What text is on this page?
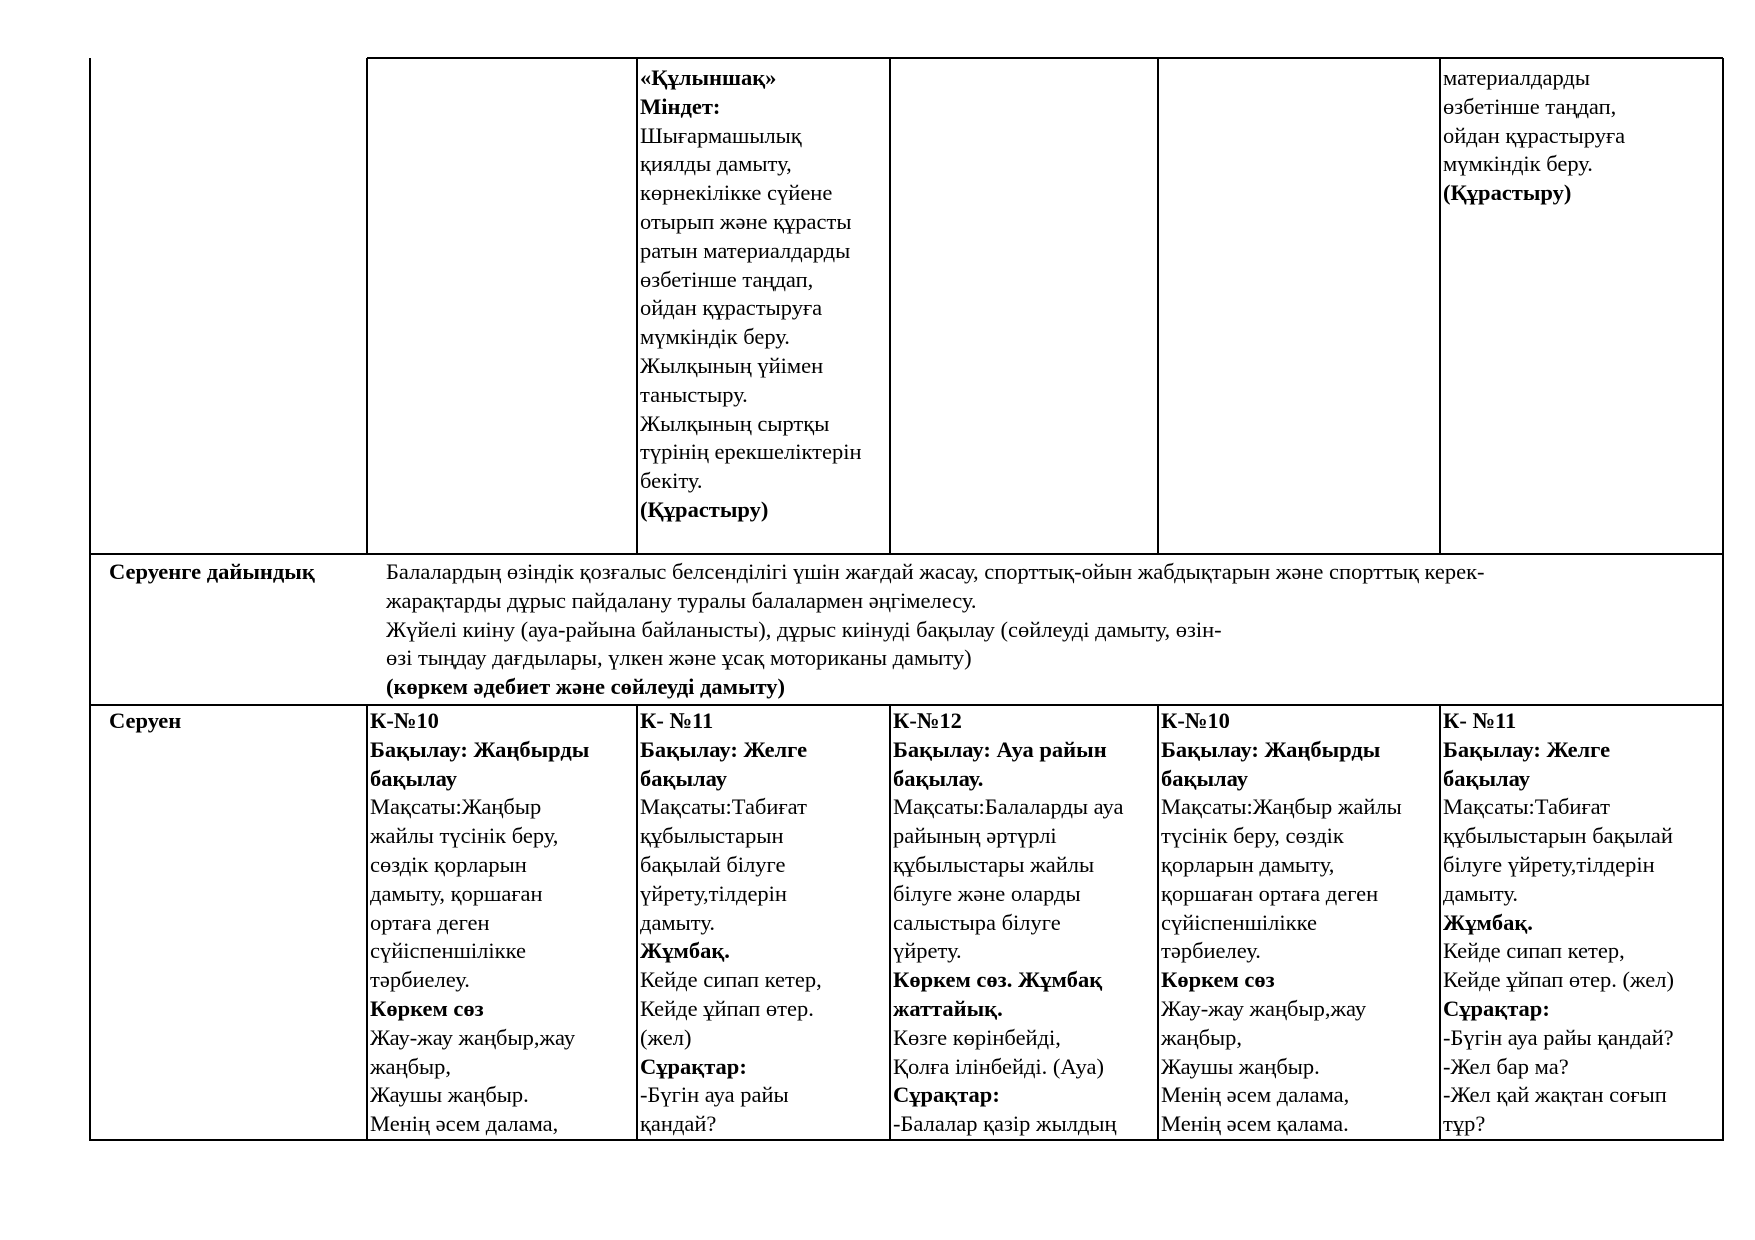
«Құлыншақ»
Міндет:
Шығармашылық
қиялды дамыту,
көрнекілікке сүйене
отырып және құрасты
ратын материалдарды
өзбетінше таңдап,
ойдан құрастыруға
мүмкіндік беру.
Жылқының үйімен
таныстыру.
Жылқының сыртқы
түрінің ерекшеліктерін
бекіту.
(Құрастыру)
материалдарды
өзбетінше таңдап,
ойдан құрастыруға
мүмкіндік беру.
(Құрастыру)
Серуенге дайындық	Балалардың өзіндік қозғалыс белсенділігі үшін жағдай жасау, спорттық-ойын жабдықтарын және спорттық керек-
жарақтарды дұрыс пайдалану туралы балалармен әңгімелесу.
Жүйелі киіну (ауа-райына байланысты), дұрыс киінуді бақылау (сөйлеуді дамыту, өзін-
өзі тыңдау дағдылары, үлкен және ұсақ моториканы дамыту)
(көркем әдебиет және сөйлеуді дамыту)
Серуен	К-№10
Бақылау: Жаңбырды
бақылау
Мақсаты:Жаңбыр
жайлы түсінік беру,
сөздік қорларын
дамыту, қоршаған
ортаға деген
сүйіспеншілікке
тәрбиелеу.
Көркем сөз
Жау-жау жаңбыр,жау
жаңбыр,
Жаушы жаңбыр.
Менің әсем далама,
К- №11
Бақылау: Желге
бақылау
Мақсаты:Табиғат
құбылыстарын
бақылай білуге
үйрету,тілдерін
дамыту.
Жұмбақ.
Кейде сипап кетер,
Кейде ұйпап өтер.
(жел)
Сұрақтар:
-Бүгін ауа райы
қандай?
К-№12
Бақылау: Ауа райын
бақылау.
Мақсаты:Балаларды ауа
райының әртүрлі
құбылыстары жайлы
білуге және оларды
салыстыра білуге
үйрету.
Көркем сөз. Жұмбақ
жаттайық.
Көзге көрінбейді,
Қолға ілінбейді. (Ауа)
Сұрақтар:
-Балалар қазір жылдың
К-№10
Бақылау: Жаңбырды
бақылау
Мақсаты:Жаңбыр жайлы
түсінік беру, сөздік
қорларын дамыту,
қоршаған ортаға деген
сүйіспеншілікке
тәрбиелеу.
Көркем сөз
Жау-жау жаңбыр,жау
жаңбыр,
Жаушы жаңбыр.
Менің әсем далама,
Менің әсем қалама.
К- №11
Бақылау: Желге
бақылау
Мақсаты:Табиғат
құбылыстарын бақылай
білуге үйрету,тілдерін
дамыту.
Жұмбақ.
Кейде сипап кетер,
Кейде ұйпап өтер. (жел)
Сұрақтар:
-Бүгін ауа райы қандай?
-Жел бар ма?
-Жел қай жақтан соғып
тұр?
